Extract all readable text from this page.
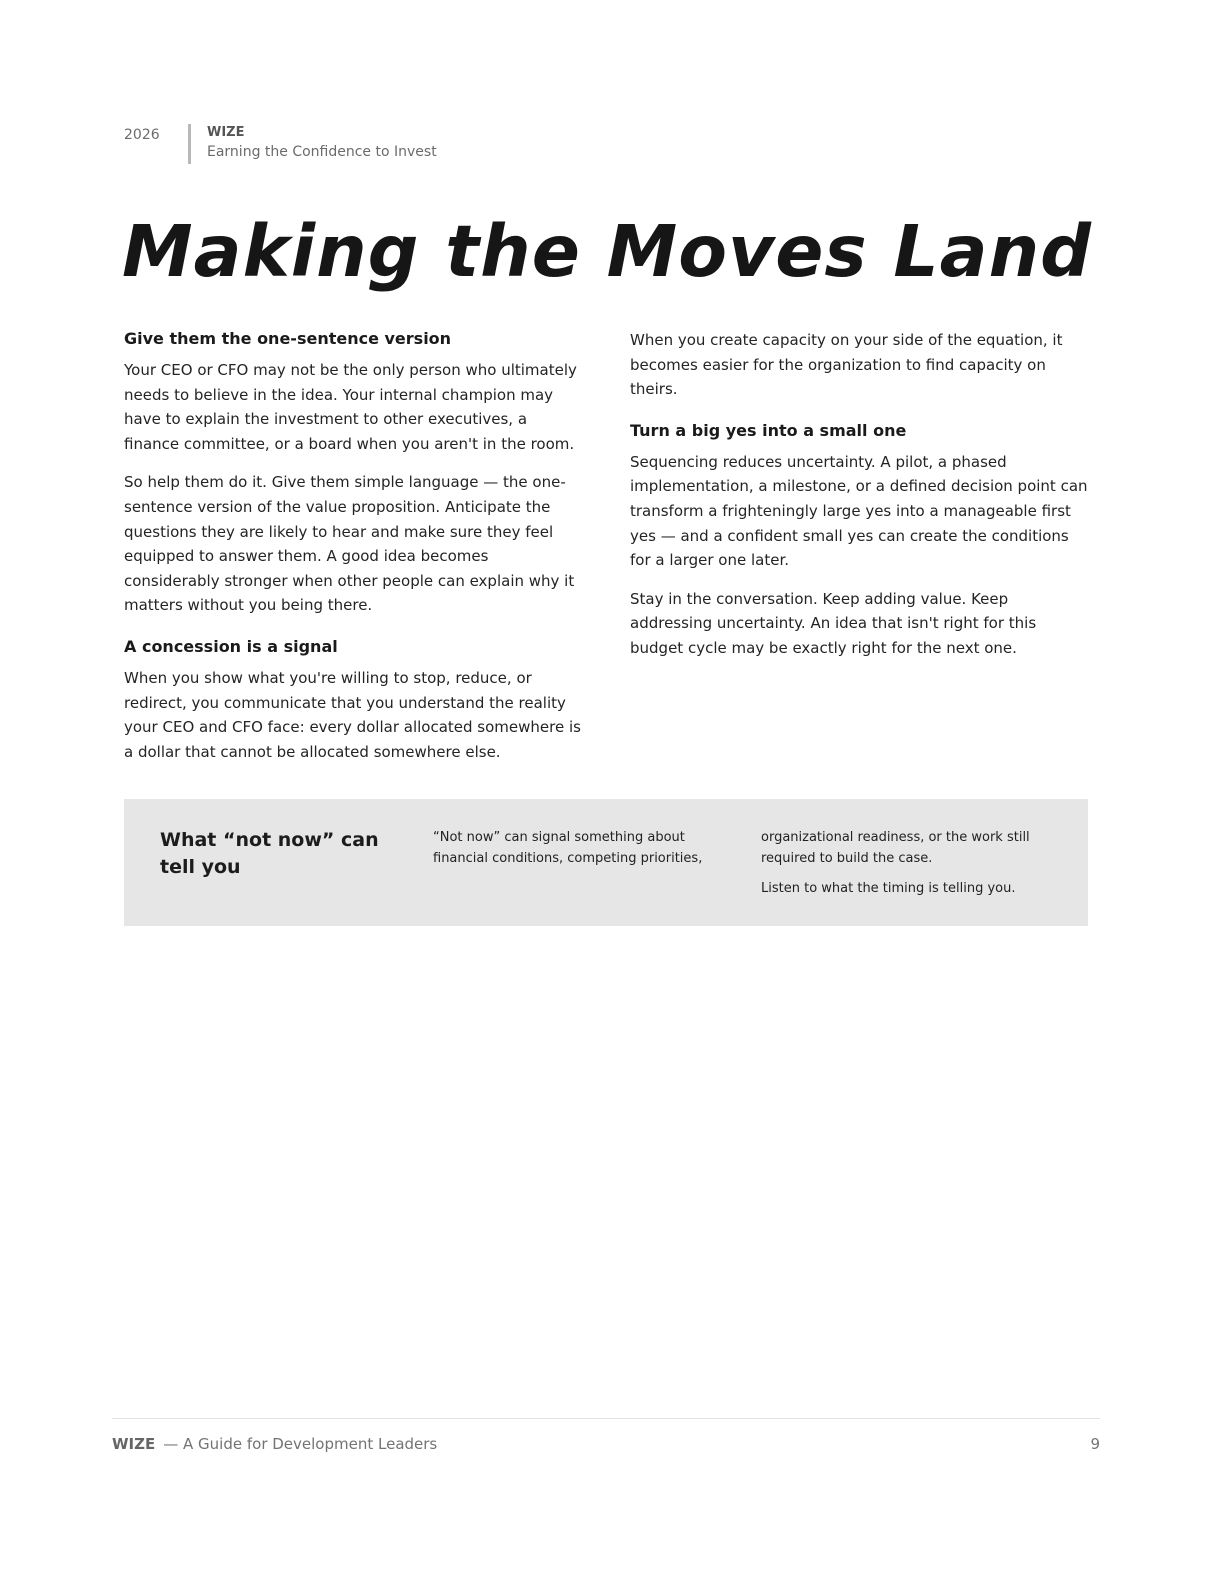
2026	WIZE
Earning the Confidence to Invest
Making the Moves Land
Give them the one-sentence version

Your CEO or CFO may not be the only person who ultimately needs to believe in the idea. Your internal champion may have to explain the investment to other executives, a finance committee, or a board when you aren't in the room.

So help them do it. Give them simple language — the one-sentence version of the value proposition. Anticipate the questions they are likely to hear and make sure they feel equipped to answer them. A good idea becomes considerably stronger when other people can explain why it matters without you being there.

A concession is a signal

When you show what you're willing to stop, reduce, or redirect, you communicate that you understand the reality your CEO and CFO face: every dollar allocated somewhere is a dollar that cannot be allocated somewhere else.

When you create capacity on your side of the equation, it becomes easier for the organization to find capacity on theirs.

Turn a big yes into a small one

Sequencing reduces uncertainty. A pilot, a phased implementation, a milestone, or a defined decision point can transform a frighteningly large yes into a manageable first yes — and a confident small yes can create the conditions for a larger one later.

Stay in the conversation. Keep adding value. Keep addressing uncertainty. An idea that isn't right for this budget cycle may be exactly right for the next one.

What “not now” can tell you
“Not now” can signal something about financial conditions, competing priorities,

organizational readiness, or the work still required to build the case.

Listen to what the timing is telling you.

WIZE — A Guide for Development Leaders	9
